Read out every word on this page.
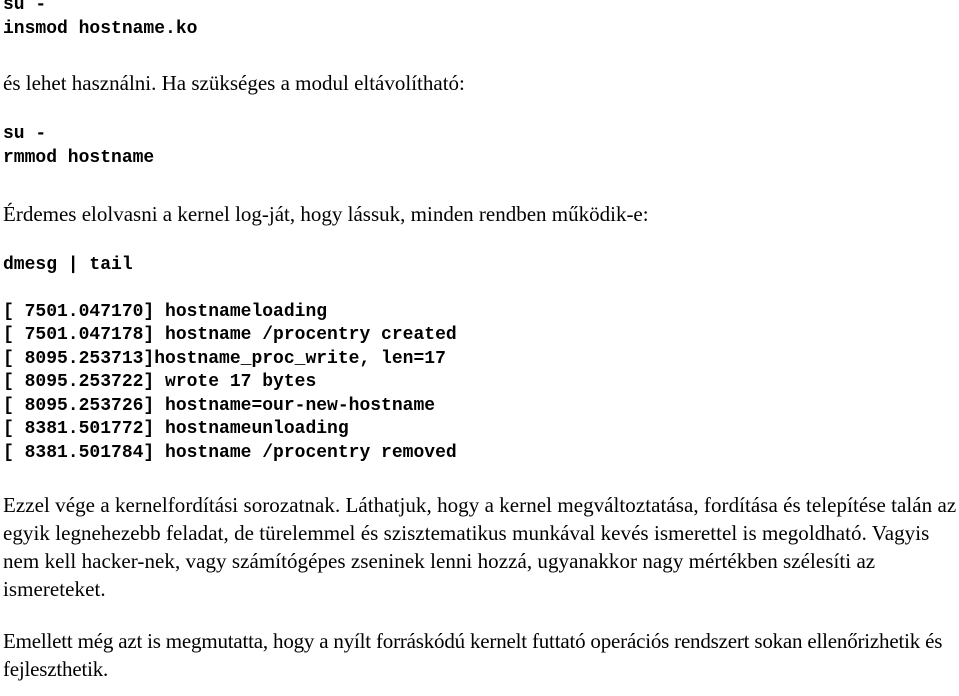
su -
insmod hostname.ko

és lehet használni. Ha szükséges a modul eltávolítható:

su -
rmmod hostname

Érdemes elolvasni a kernel log-ját, hogy lássuk, minden rendben működik-e:

dmesg | tail
[ 7501.047170] hostnameloading
[ 7501.047178] hostname /procentry created
[ 8095.253713]hostname_proc_write, len=17
[ 8095.253722] wrote 17 bytes
[ 8095.253726] hostname=our-new-hostname
[ 8381.501772] hostnameunloading
[ 8381.501784] hostname /procentry removed

Ezzel vége a kernelfordítási sorozatnak. Láthatjuk, hogy a kernel megváltoztatása, fordítása és telepítése talán az egyik legnehezebb feladat, de türelemmel és szisztematikus munkával kevés ismerettel is megoldható. Vagyis nem kell hacker-nek, vagy számítógépes zseninek lenni hozzá, ugyanakkor nagy mértékben szélesíti az ismereteket.

Emellett még azt is megmutatta, hogy a nyílt forráskódú kernelt futtató operációs rendszert sokan ellenőrizhetik és fejleszthetik.
